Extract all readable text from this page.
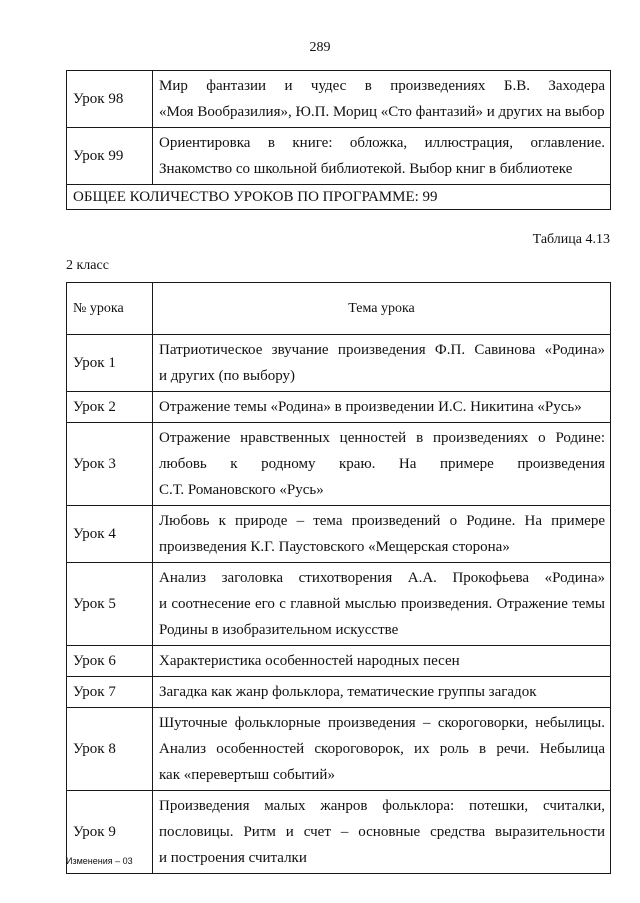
289
Урок 98	Мир фантазии и чудес в произведениях Б.В. Заходера
«Моя Вообразилия», Ю.П. Мориц «Сто фантазий» и других на выбор

Урок 99	Ориентировка в книге: обложка, иллюстрация, оглавление.
Знакомство со школьной библиотекой. Выбор книг в библиотеке

ОБЩЕЕ КОЛИЧЕСТВО УРОКОВ ПО ПРОГРАММЕ: 99	
Таблица 4.13
2 класс
№ урока	Тема урока
Урок 1	Патриотическое звучание произведения Ф.П. Савинова «Родина»
и других (по выбору)

Урок 2	Отражение темы «Родина» в произведении И.С. Никитина «Русь»

Урок 3	Отражение нравственных ценностей в произведениях о Родине:
любовь к родному краю. На примере произведения
С.Т. Романовского «Русь»

Урок 4	Любовь к природе – тема произведений о Родине. На примере
произведения К.Г. Паустовского «Мещерская сторона»

Урок 5	Анализ заголовка стихотворения А.А. Прокофьева «Родина»
и соотнесение его с главной мыслью произведения. Отражение темы
Родины в изобразительном искусстве

Урок 6	Характеристика особенностей народных песен

Урок 7	Загадка как жанр фольклора, тематические группы загадок

Урок 8	Шуточные фольклорные произведения – скороговорки, небылицы.
Анализ особенностей скороговорок, их роль в речи. Небылица
как «перевертыш событий»

Урок 9	Произведения малых жанров фольклора: потешки, считалки,
пословицы. Ритм и счет – основные средства выразительности
и построения считалки
Изменения – 03
